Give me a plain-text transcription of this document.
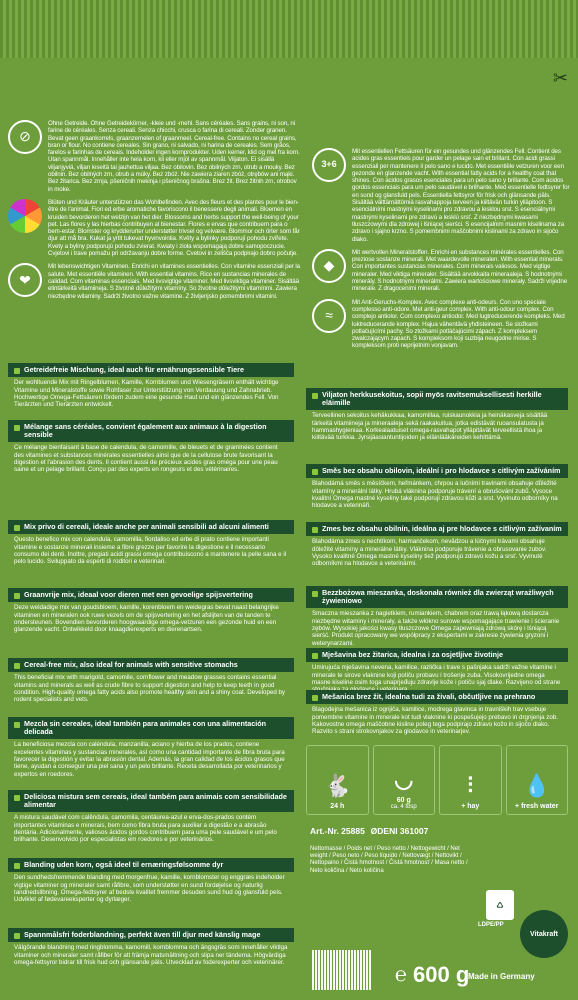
✂
⊘

Ohne Getreide. Ohne Getreidekörner, -kleie und -mehl. Sans céréales. Sans grains, ni son, ni farine de céréales. Senza cereali. Senza chicchi, crusca o farina di cereali. Zonder granen. Bevat geen graankorrels, graanzemelen of graanmeel. Cereal-free. Contains no cereal grains, bran or flour. No contiene cereales. Sin grano, ni salvado, ni harina de cereales. Sem grãos, farelos e farinhas de cereais. Indeholder ingen kornprodukter. Uden kerner, klid og mel fra korn. Utan spannmål. Innehåller inte hela korn, kli eller mjöl av spannmål. Viljaton. Ei sisällä viljanjyviä, viljan leseitä tai jauhettua viljaa. Bez obilovin. Bez obilných zrn, otrub a mouky. Bez obilnin. Bez obilných zrn, otrub a múky. Bez zbóż. Nie zawiera ziaren zbóż, otrębów ani mąki. Bez žitarica. Bez zrnja, pšeničnih mekinja i pšeničnog brašna. Brez žit. Brez žitnih zrn, otrobov in moke.

Blüten und Kräuter unterstützen das Wohlbefinden. Avec des fleurs et des plantes pour le bien-être de l'animal. Fiori ed erbe aromatiche favoriscono il benessere degli animali. Bloemen en kruiden bevorderen het welzijn van het dier. Blossoms and herbs support the well-being of your pet. Las flores y las hierbas contribuyen al bienestar. Flores e ervas que contribuem para o bem-estar. Blomster og krydderurter understøtter trivsel og velvære. Blommor och örter som får djur att må bra. Kukat ja yrtit tukevat hyvinvointia. Květy a bylinky podporují pohodu zvířete. Kvety a byliny podporujú pohodu zvierat. Kwiaty i zioła wspomagają dobre samopoczucie. Cvjetovi i trave pomažu pri održavanju dobre forme. Cvetovi in zelišča podpirajo dobro počutje.

❤

Mit lebenswichtigen Vitaminen. Enrichi en vitamines essentielles. Con vitamine essenziali per la salute. Met essentiële vitaminen. With essential vitamins. Rico en sustancias minerales de calidad. Com vitaminas essenciais. Med livsvigtige vitaminer. Med livsviktiga vitaminer. Sisältää elintärkeitä vitamiineja. S životně důležitými vitamíny. So životne dôležitými vitamínmi. Zawiera niezbędne witaminy. Sadrži životno važne vitamine. Z življenjsko pomembnimi vitamini.

3+6

Mit essentiellen Fettsäuren für ein gesundes und glänzendes Fell. Contient des acides gras essentiels pour garder un pelage sain et brillant. Con acidi grassi essenziali per mantenere il pelo sano e lucido. Met essentiële vetzuren voor een gezonde en glanzende vacht. With essential fatty acids for a healthy coat that shines. Con ácidos grasos esenciales para un pelo sano y brillante. Com ácidos gordos essenciais para um pelo saudável e brilhante. Med essentielle fedtsyrer for en sund og glansfuld pels. Essentiella fettsyror för frisk och glänsande päls. Sisältää välttämättömiä rasvahappoja terveen ja kiiltävän turkin ylläpitoon. S esenciálními mastnými kyselinami pro zdravou a lesklou srst. S esenciálnymi mastnými kyselinami pre zdravú a lesklú srsť. Z niezbędnymi kwasami tłuszczowymi dla zdrowej i lśniącej sierści. S esencijalnim masnim kiselinama za zdravo i sjajno krzno. S pomembnimi maščobnimi kislinami za zdravo in sijočo dlako.

◆

Mit wertvollen Mineralstoffen. Enrichi en substances minérales essentielles. Con preziose sostanze minerali. Met waardevolle mineralen. With essential minerals. Con importantes sustancias minerales. Com minerais valiosos. Med vigtige mineraler. Med viktiga mineraler. Sisältää arvokkaita mineraaleja. S hodnotnými minerály. S hodnotnými minerálmi. Zawiera wartościowe minerały. Sadrži vrijedne minerale. Z dragocenimi minerali.

≈

Mit Anti-Geruchs-Komplex. Avec complexe anti-odeurs. Con uno speciale complesso anti-odore. Met anti-geur complex. With anti-odour complex. Con complejo antiolor. Com complexo antiodor. Med lugtreducerende kompleks. Med luktreducerande komplex. Hajua vähentävä yhdisteineen. Se složkami potlačujícími pachy. So zložkami potláčajúcimi zápach. Z kompleksem zwalczającym zapach. S kompleksom koji suzbija neugodne mirise. S kompleksom proti neprijetnim vonjavam.

Getreidefreie Mischung, ideal auch für ernährungssensible Tiere
Der wohltuende Mix mit Ringelblumen, Kamille, Kornblumen und Wiesengräsern enthält wichtige Vitamine und Mineralstoffe sowie Rohfaser zur Unterstützung von Verdauung und Zahnabrieb. Hochwertige Omega-Fettsäuren fördern zudem eine gesunde Haut und ein glänzendes Fell. Von Tierärzten und Tierärzten entwickelt.
Mélange sans céréales, convient également aux animaux à la digestion sensible
Ce mélange bienfaisant à base de calendula, de camomille, de bleuets et de graminées contient des vitamines et substances minérales essentielles ainsi que de la cellulose brute favorisant la digestion et l'abrasion des dents. Il contient aussi de précieux acides gras oméga pour une peau saine et un pelage brillant. Conçu par des experts en rongeurs et des vétérinaires.
Mix privo di cereali, ideale anche per animali sensibili ad alcuni alimenti
Questo benefico mix con calendula, camomilla, fiordaliso ed erbe di prato contiene importanti vitamine e sostanze minerali insieme a fibre grezze per favorire la digestione e il necessario consumo dei denti. Inoltre, pregiati acidi grassi omega contribuiscono a mantenere la pelle sana e il pelo lucido. Sviluppato da esperti di roditori e veterinari.
Graanvrije mix, ideaal voor dieren met een gevoelige spijsvertering
Deze weldadige mix van goudsbloem, kamille, korenbloem en weidegras bevat naast belangrijke vitaminen en mineralen ook ruwe vezels om de spijsvertering en het afslijten van de tanden te ondersteunen. Bovendien bevorderen hoogwaardige omega-vetzuren een gezonde huid en een glanzende vacht. Ontwikkeld door knaagdierexperts en dierenartsen.
Cereal-free mix, also ideal for animals with sensitive stomachs
This beneficial mix with marigold, camomile, cornflower and meadow grasses contains essential vitamins and minerals as well as crude fibre to support digestion and help to keep teeth in good condition. High-quality omega fatty acids also promote healthy skin and a shiny coat. Developed by rodent specialists and vets.
Mezcla sin cereales, ideal también para animales con una alimentación delicada
La beneficiosa mezcla con caléndula, manzanilla, aciano y hierba de los prados, contiene excelentes vitaminas y sustancias minerales, así como una cantidad importante de fibra bruta para favorecer la digestión y evitar la abrasión dental. Además, la gran calidad de los ácidos grasos que tiene, ayudan a conseguir una piel sana y un pelo brillante. Receta desarrollada por veterinarios y expertos en roedores.
Deliciosa mistura sem cereais, ideal também para animais com sensibilidade alimentar
A mistura saudável com calêndula, camomila, centáurea-azul e erva-dos-prados contém importantes vitaminas e minerais, bem como fibra bruta para auxiliar a digestão e a abrasão dentária. Adicionalmente, valiosos ácidos gordos contribuem para uma pele saudável e um pelo brilhante. Desenvolvido por especialistas em roedores e por veterinários.
Blanding uden korn, også ideel til ernæringsfølsomme dyr
Den sundhedsfremmende blanding med morgenfrue, kamille, kornblomster og enggræs indeholder vigtige vitaminer og mineraler samt råfibre, som understøtter en sund fordøjelse og naturlig tandnedslibning. Omega-fedtsyrer af bedste kvalitet fremmer desuden sund hud og glansfuld pels. Udviklet af fødevareeksperter og dyrlæger.
Spannmålsfri foderblandning, perfekt även till djur med känslig mage
Välgörande blandning med ringblomma, kamomill, kornblomma och ängsgräs som innehåller viktiga vitaminer och mineraler samt råfiber för att främja matsmältning och slipa ner tänderna. Högvärdiga omega-fettsyror bidrar till frisk hud och glänsande päls. Utvecklad av foderexperter och veterinärer.
Viljaton herkkusekoitus, sopii myös ravitsemuksellisesti herkille eläimille
Terveellinen sekoitus kehäkukkaa, kamomillaa, ruiskaunokkia ja heinäkasveja sisältää tärkeitä vitamiineja ja mineraaleja sekä raakakuitua, jotka edistävät ruoansulatusta ja hammashygieniaa. Korkealaatuiset omega-rasvahapot ylläpitävät terveellistä ihoa ja kiiltävää turkkia. Jyrsijäasiantuntijoiden ja eläinlääkäreiden kehittämä.
Směs bez obsahu obilovin, ideální i pro hlodavce s citlivým zažíváním
Blahodárná směs s měsíčkem, heřmánkem, chrpou a lučními travinami obsahuje důležité vitamíny a minerální látky. Hrubá vláknina podporuje trávení a obrušování zubů. Vysoce kvalitní Omega mastné kyseliny také podporují zdravou kůži a srst. Vyvinuto odborníky na hlodavce a veterináři.
Zmes bez obsahu obilnín, ideálna aj pre hlodavce s citlivým zažívaním
Blahodárna zmes s nechtíkom, harmančekom, nevädzou a lúčnymi trávami obsahuje dôležité vitamíny a minerálne látky. Vláknina podporuje trávenie a obrusovanie zubov. Vysoko kvalitné Omega mastné kyseliny tiež podporujú zdravú kožu a srsť. Vyvinuté odborníkmi na hlodavce a veterinármi.
Bezzbożowa mieszanka, doskonała również dla zwierząt wrażliwych żywieniowo
Smaczna mieszanka z nagietkiem, rumiankiem, chabrem oraz trawą łąkową dostarcza niezbędne witaminy i minerały, a także włókno surowe wspomagające trawienie i ścieranie zębów. Wysokiej jakości kwasy tłuszczowe Omega zapewniają zdrową skórę i lśniącą sierść. Produkt opracowany we współpracy z ekspertami w zakresie żywienia gryzoni i weterynarzami.
Mješavina bez žitarica, idealna i za osjetljive životinje
Umirujuća mješavina nevena, kamilice, različka i trave s pašnjaka sadrži važne vitamine i minerale te sirove vlaknine koji potiču probavu i trošenje zuba. Visokovrijedne omega masne kiseline osim toga unaprjeđuju zdravlje kože i potiču sjaj dlake. Razvijeno od strane
Mešanica brez žit, idealna tudi za živali, občutljive na prehrano
Blagodejna mešanica iz ognjiča, kamilice, modrega glavinca in travniških trav vsebuje pomembne vitamine in minerale kot tudi vlaknine ki pospešujejo prebavo in drgnjenja zob. Kakovostne omega maščobne kisline poleg tega podpirajo zdravo kožo in sijočo dlako. Razvito s strani strokovnjakov za glodavce in veterinarjev.
🐇
24 h
◡
60 g
ca. 4 tbsp
⫶
+ hay
💧
+ fresh water
Art.-Nr. 25885 ØDENI 361007
Nettomasse / Poids net / Peso netto / Nettogewicht / Net weight / Peso neto / Peso líquido / Nettovægt / Nettovikt / Nettopaino / Čistá hmotnost / Čistá hmotnosť / Masa netto / Neto količina / Neto količina
℮ 600 g
♺
LDPE/PP
Vitakraft
Made in Germany
